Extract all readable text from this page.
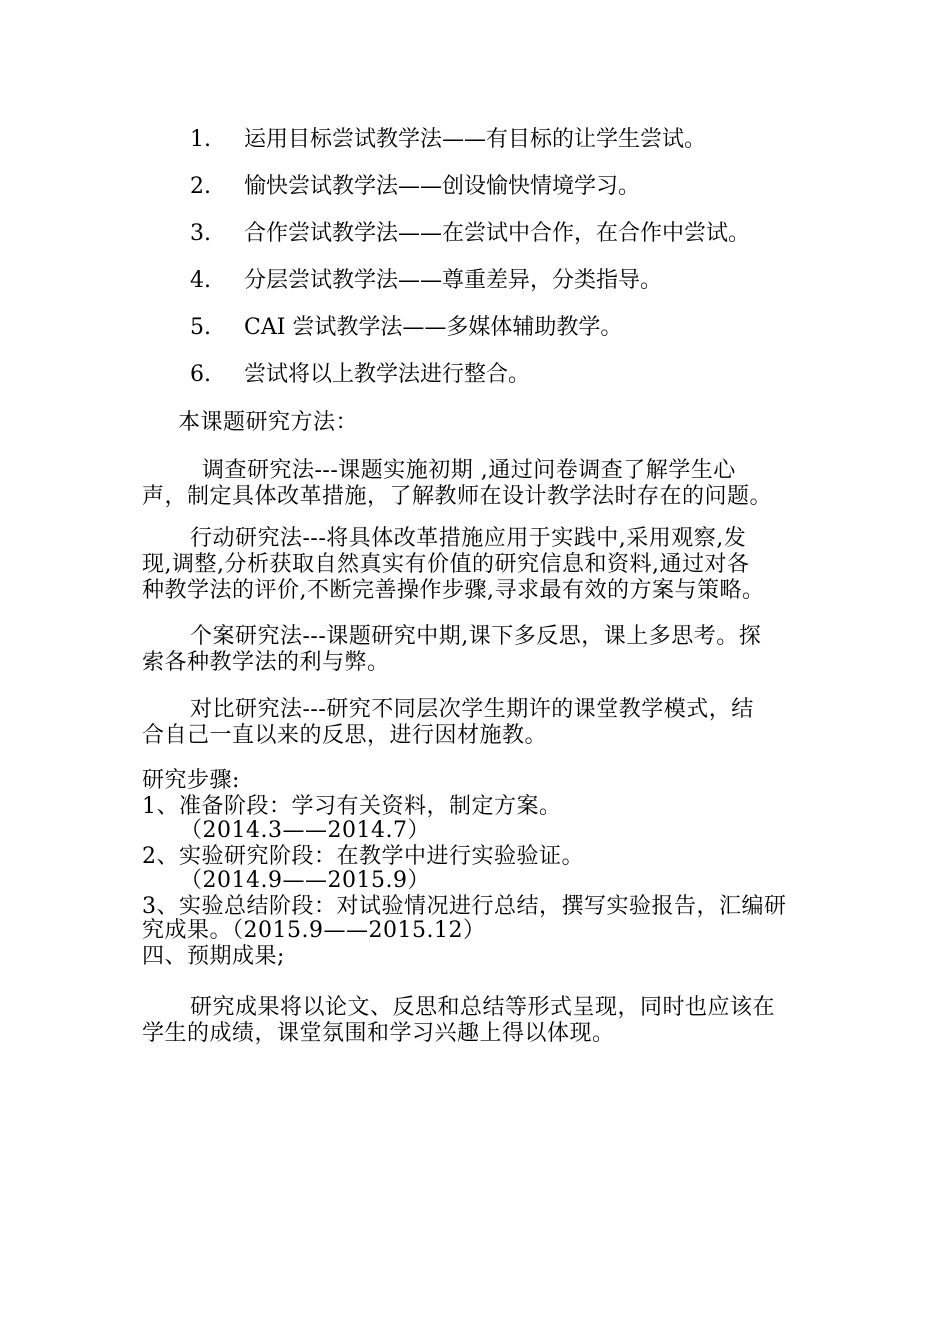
1. 运用目标尝试教学法——有目标的让学生尝试。
2. 愉快尝试教学法——创设愉快情境学习。
3. 合作尝试教学法——在尝试中合作，在合作中尝试。
4. 分层尝试教学法——尊重差异，分类指导。
5. CAI 尝试教学法——多媒体辅助教学。
6. 尝试将以上教学法进行整合。
本课题研究方法：
调查研究法---课题实施初期 ,通过问卷调查了解学生心
声，制定具体改革措施，了解教师在设计教学法时存在的问题。
行动研究法---将具体改革措施应用于实践中,采用观察,发
现,调整,分析获取自然真实有价值的研究信息和资料,通过对各
种教学法的评价,不断完善操作步骤,寻求最有效的方案与策略。
个案研究法---课题研究中期,课下多反思，课上多思考。探
索各种教学法的利与弊。
对比研究法---研究不同层次学生期许的课堂教学模式，结
合自己一直以来的反思，进行因材施教。
研究步骤:
1、准备阶段：学习有关资料，制定方案。
（2014.3——2014.7）
2、实验研究阶段：在教学中进行实验验证。
（2014.9——2015.9）
3、实验总结阶段：对试验情况进行总结，撰写实验报告，汇编研
究成果。（2015.9——2015.12）
四、预期成果;
研究成果将以论文、反思和总结等形式呈现，同时也应该在
学生的成绩，课堂氛围和学习兴趣上得以体现。
